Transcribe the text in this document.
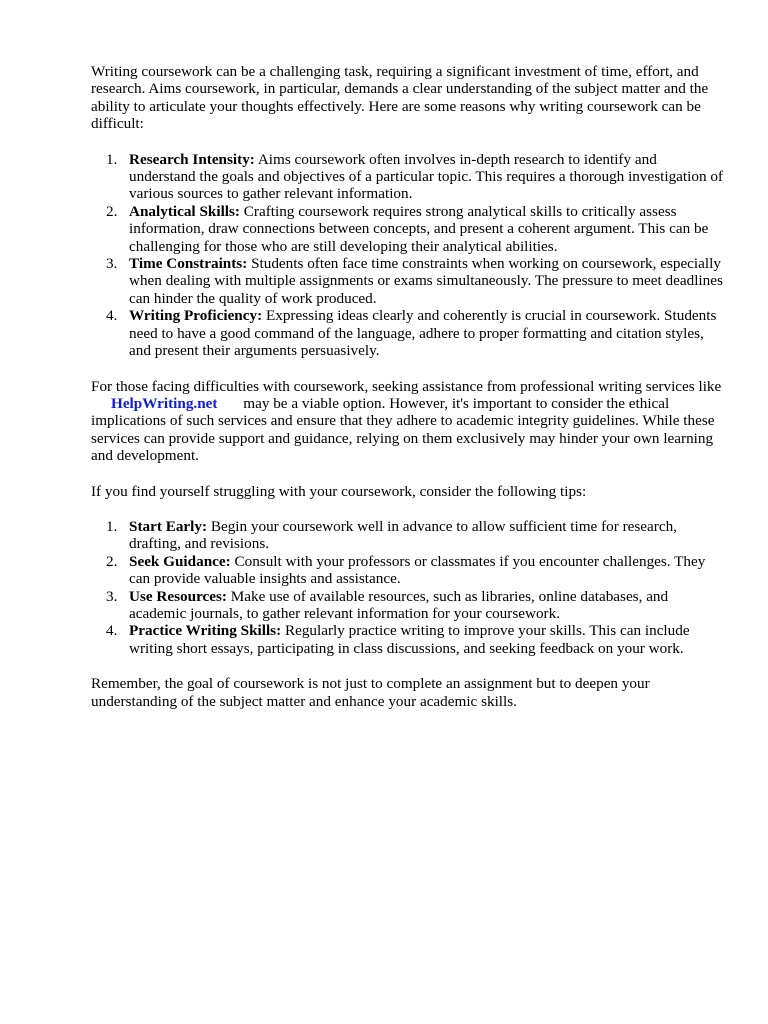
Writing coursework can be a challenging task, requiring a significant investment of time, effort, and research. Aims coursework, in particular, demands a clear understanding of the subject matter and the ability to articulate your thoughts effectively. Here are some reasons why writing coursework can be difficult:

1. Research Intensity: Aims coursework often involves in-depth research to identify and understand the goals and objectives of a particular topic. This requires a thorough investigation of various sources to gather relevant information.
2. Analytical Skills: Crafting coursework requires strong analytical skills to critically assess information, draw connections between concepts, and present a coherent argument. This can be challenging for those who are still developing their analytical abilities.
3. Time Constraints: Students often face time constraints when working on coursework, especially when dealing with multiple assignments or exams simultaneously. The pressure to meet deadlines can hinder the quality of work produced.
4. Writing Proficiency: Expressing ideas clearly and coherently is crucial in coursework. Students need to have a good command of the language, adhere to proper formatting and citation styles, and present their arguments persuasively.

For those facing difficulties with coursework, seeking assistance from professional writing services like HelpWriting.net may be a viable option. However, it's important to consider the ethical implications of such services and ensure that they adhere to academic integrity guidelines. While these services can provide support and guidance, relying on them exclusively may hinder your own learning and development.

If you find yourself struggling with your coursework, consider the following tips:

1. Start Early: Begin your coursework well in advance to allow sufficient time for research, drafting, and revisions.
2. Seek Guidance: Consult with your professors or classmates if you encounter challenges. They can provide valuable insights and assistance.
3. Use Resources: Make use of available resources, such as libraries, online databases, and academic journals, to gather relevant information for your coursework.
4. Practice Writing Skills: Regularly practice writing to improve your skills. This can include writing short essays, participating in class discussions, and seeking feedback on your work.

Remember, the goal of coursework is not just to complete an assignment but to deepen your understanding of the subject matter and enhance your academic skills.
